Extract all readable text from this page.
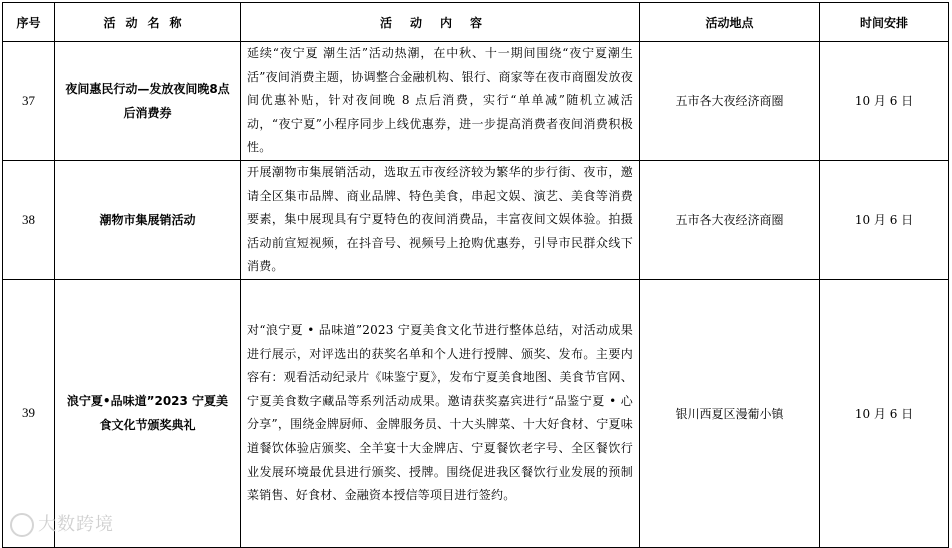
序号	活动名称	活动内容	活动地点	时间安排
37	夜间惠民行动—发放夜间晚8点后消费券	延续“夜宁夏 潮生活”活动热潮，在中秋、十一期间围绕“夜宁夏潮生活”夜间消费主题，协调整合金融机构、银行、商家等在夜市商圈发放夜间优惠补贴，针对夜间晚 8 点后消费，实行“单单减”随机立减活动，“夜宁夏”小程序同步上线优惠券，进一步提高消费者夜间消费积极性。	五市各大夜经济商圈	10 月 6 日
38	潮物市集展销活动	开展潮物市集展销活动，选取五市夜经济较为繁华的步行街、夜市，邀请全区集市品牌、商业品牌、特色美食，串起文娱、演艺、美食等消费要素，集中展现具有宁夏特色的夜间消费品，丰富夜间文娱体验。拍摄活动前宣短视频，在抖音号、视频号上抢购优惠券，引导市民群众线下消费。	五市各大夜经济商圈	10 月 6 日
39	浪宁夏•品味道”2023 宁夏美食文化节颁奖典礼	对“浪宁夏 • 品味道”2023 宁夏美食文化节进行整体总结，对活动成果进行展示，对评选出的获奖名单和个人进行授牌、颁奖、发布。主要内容有：观看活动纪录片《味鉴宁夏》，发布宁夏美食地图、美食节官网、宁夏美食数字藏品等系列活动成果。邀请获奖嘉宾进行“品鉴宁夏 • 心分享”，围绕金牌厨师、金牌服务员、十大头牌菜、十大好食材、宁夏味道餐饮体验店颁奖、全羊宴十大金牌店、宁夏餐饮老字号、全区餐饮行业发展环境最优县进行颁奖、授牌。围绕促进我区餐饮行业发展的预制菜销售、好食材、金融资本授信等项目进行签约。	银川西夏区漫葡小镇	10 月 6 日
大数跨境
